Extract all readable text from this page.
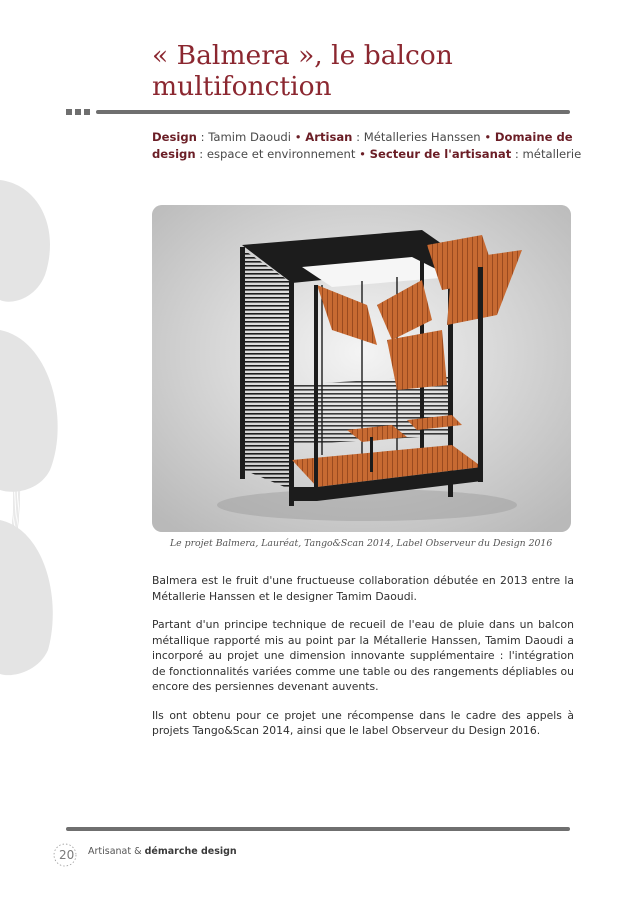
« Balmera », le balcon multifonction
Design : Tamim Daoudi • Artisan : Métalleries Hanssen • Domaine de design : espace et environnement • Secteur de l'artisanat : métallerie
Le projet Balmera, Lauréat, Tango&Scan 2014, Label Observeur du Design 2016

Balmera est le fruit d'une fructueuse collaboration débutée en 2013 entre la Métallerie Hanssen et le designer Tamim Daoudi.

Partant d'un principe technique de recueil de l'eau de pluie dans un balcon métallique rapporté mis au point par la Métallerie Hanssen, Tamim Daoudi a incorporé au projet une dimension innovante supplémentaire : l'intégration de fonctionnalités variées comme une table ou des rangements dépliables ou encore des persiennes devenant auvents.

Ils ont obtenu pour ce projet une récompense dans le cadre des appels à projets Tango&Scan 2014, ainsi que le label Observeur du Design 2016.

20	Artisanat & démarche design
